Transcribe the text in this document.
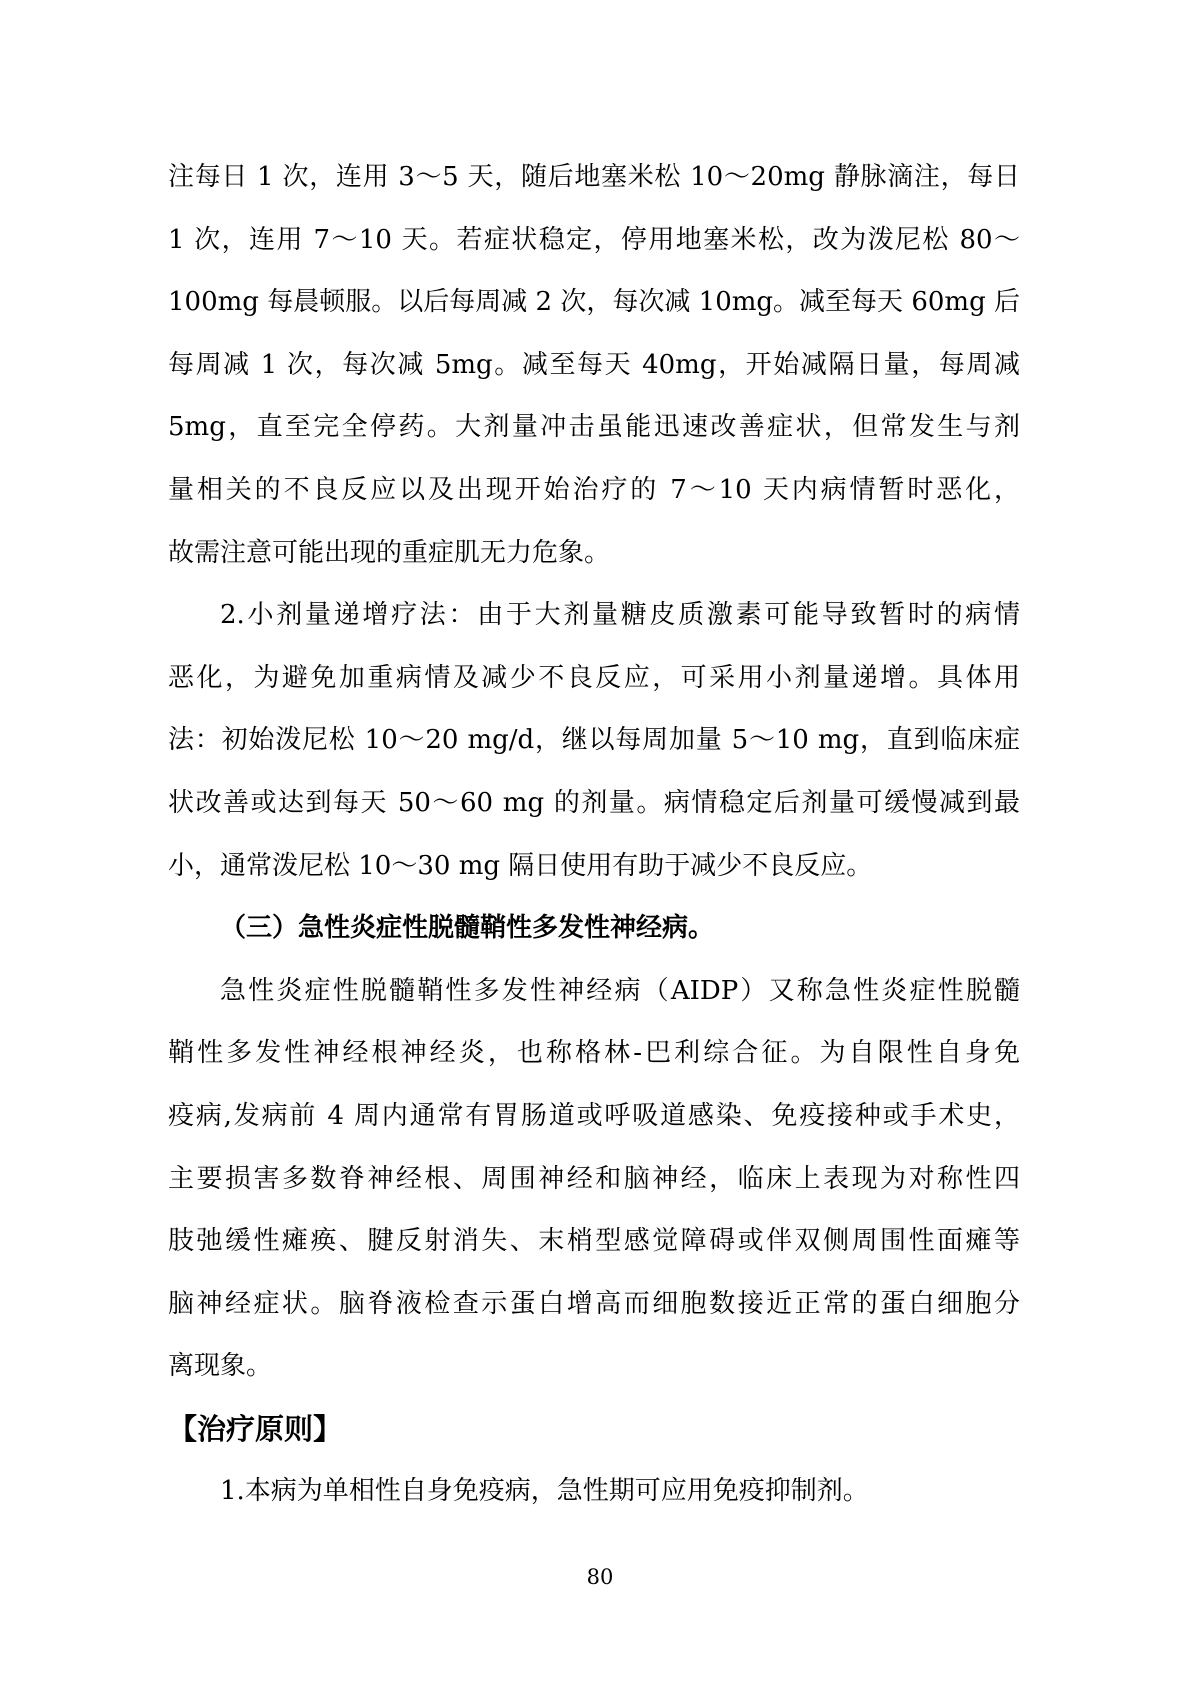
注每日 1 次，连用 3～5 天，随后地塞米松 10～20mg 静脉滴注，每日
1 次，连用 7～10 天。若症状稳定，停用地塞米松，改为泼尼松 80～
100mg 每晨顿服。以后每周减 2 次，每次减 10mg。减至每天 60mg 后
每周减 1 次，每次减 5mg。减至每天 40mg，开始减隔日量，每周减
5mg，直至完全停药。大剂量冲击虽能迅速改善症状，但常发生与剂
量相关的不良反应以及出现开始治疗的 7～10 天内病情暂时恶化，
故需注意可能出现的重症肌无力危象。
2.小剂量递增疗法：由于大剂量糖皮质激素可能导致暂时的病情
恶化，为避免加重病情及减少不良反应，可采用小剂量递增。具体用
法：初始泼尼松 10～20 mg/d，继以每周加量 5～10 mg，直到临床症
状改善或达到每天 50～60 mg 的剂量。病情稳定后剂量可缓慢减到最
小，通常泼尼松 10～30 mg 隔日使用有助于减少不良反应。
（三）急性炎症性脱髓鞘性多发性神经病。
急性炎症性脱髓鞘性多发性神经病（AIDP）又称急性炎症性脱髓
鞘性多发性神经根神经炎，也称格林-巴利综合征。为自限性自身免
疫病,发病前 4 周内通常有胃肠道或呼吸道感染、免疫接种或手术史，
主要损害多数脊神经根、周围神经和脑神经，临床上表现为对称性四
肢弛缓性瘫痪、腱反射消失、末梢型感觉障碍或伴双侧周围性面瘫等
脑神经症状。脑脊液检查示蛋白增高而细胞数接近正常的蛋白细胞分
离现象。
【治疗原则】
1.本病为单相性自身免疫病，急性期可应用免疫抑制剂。
80
